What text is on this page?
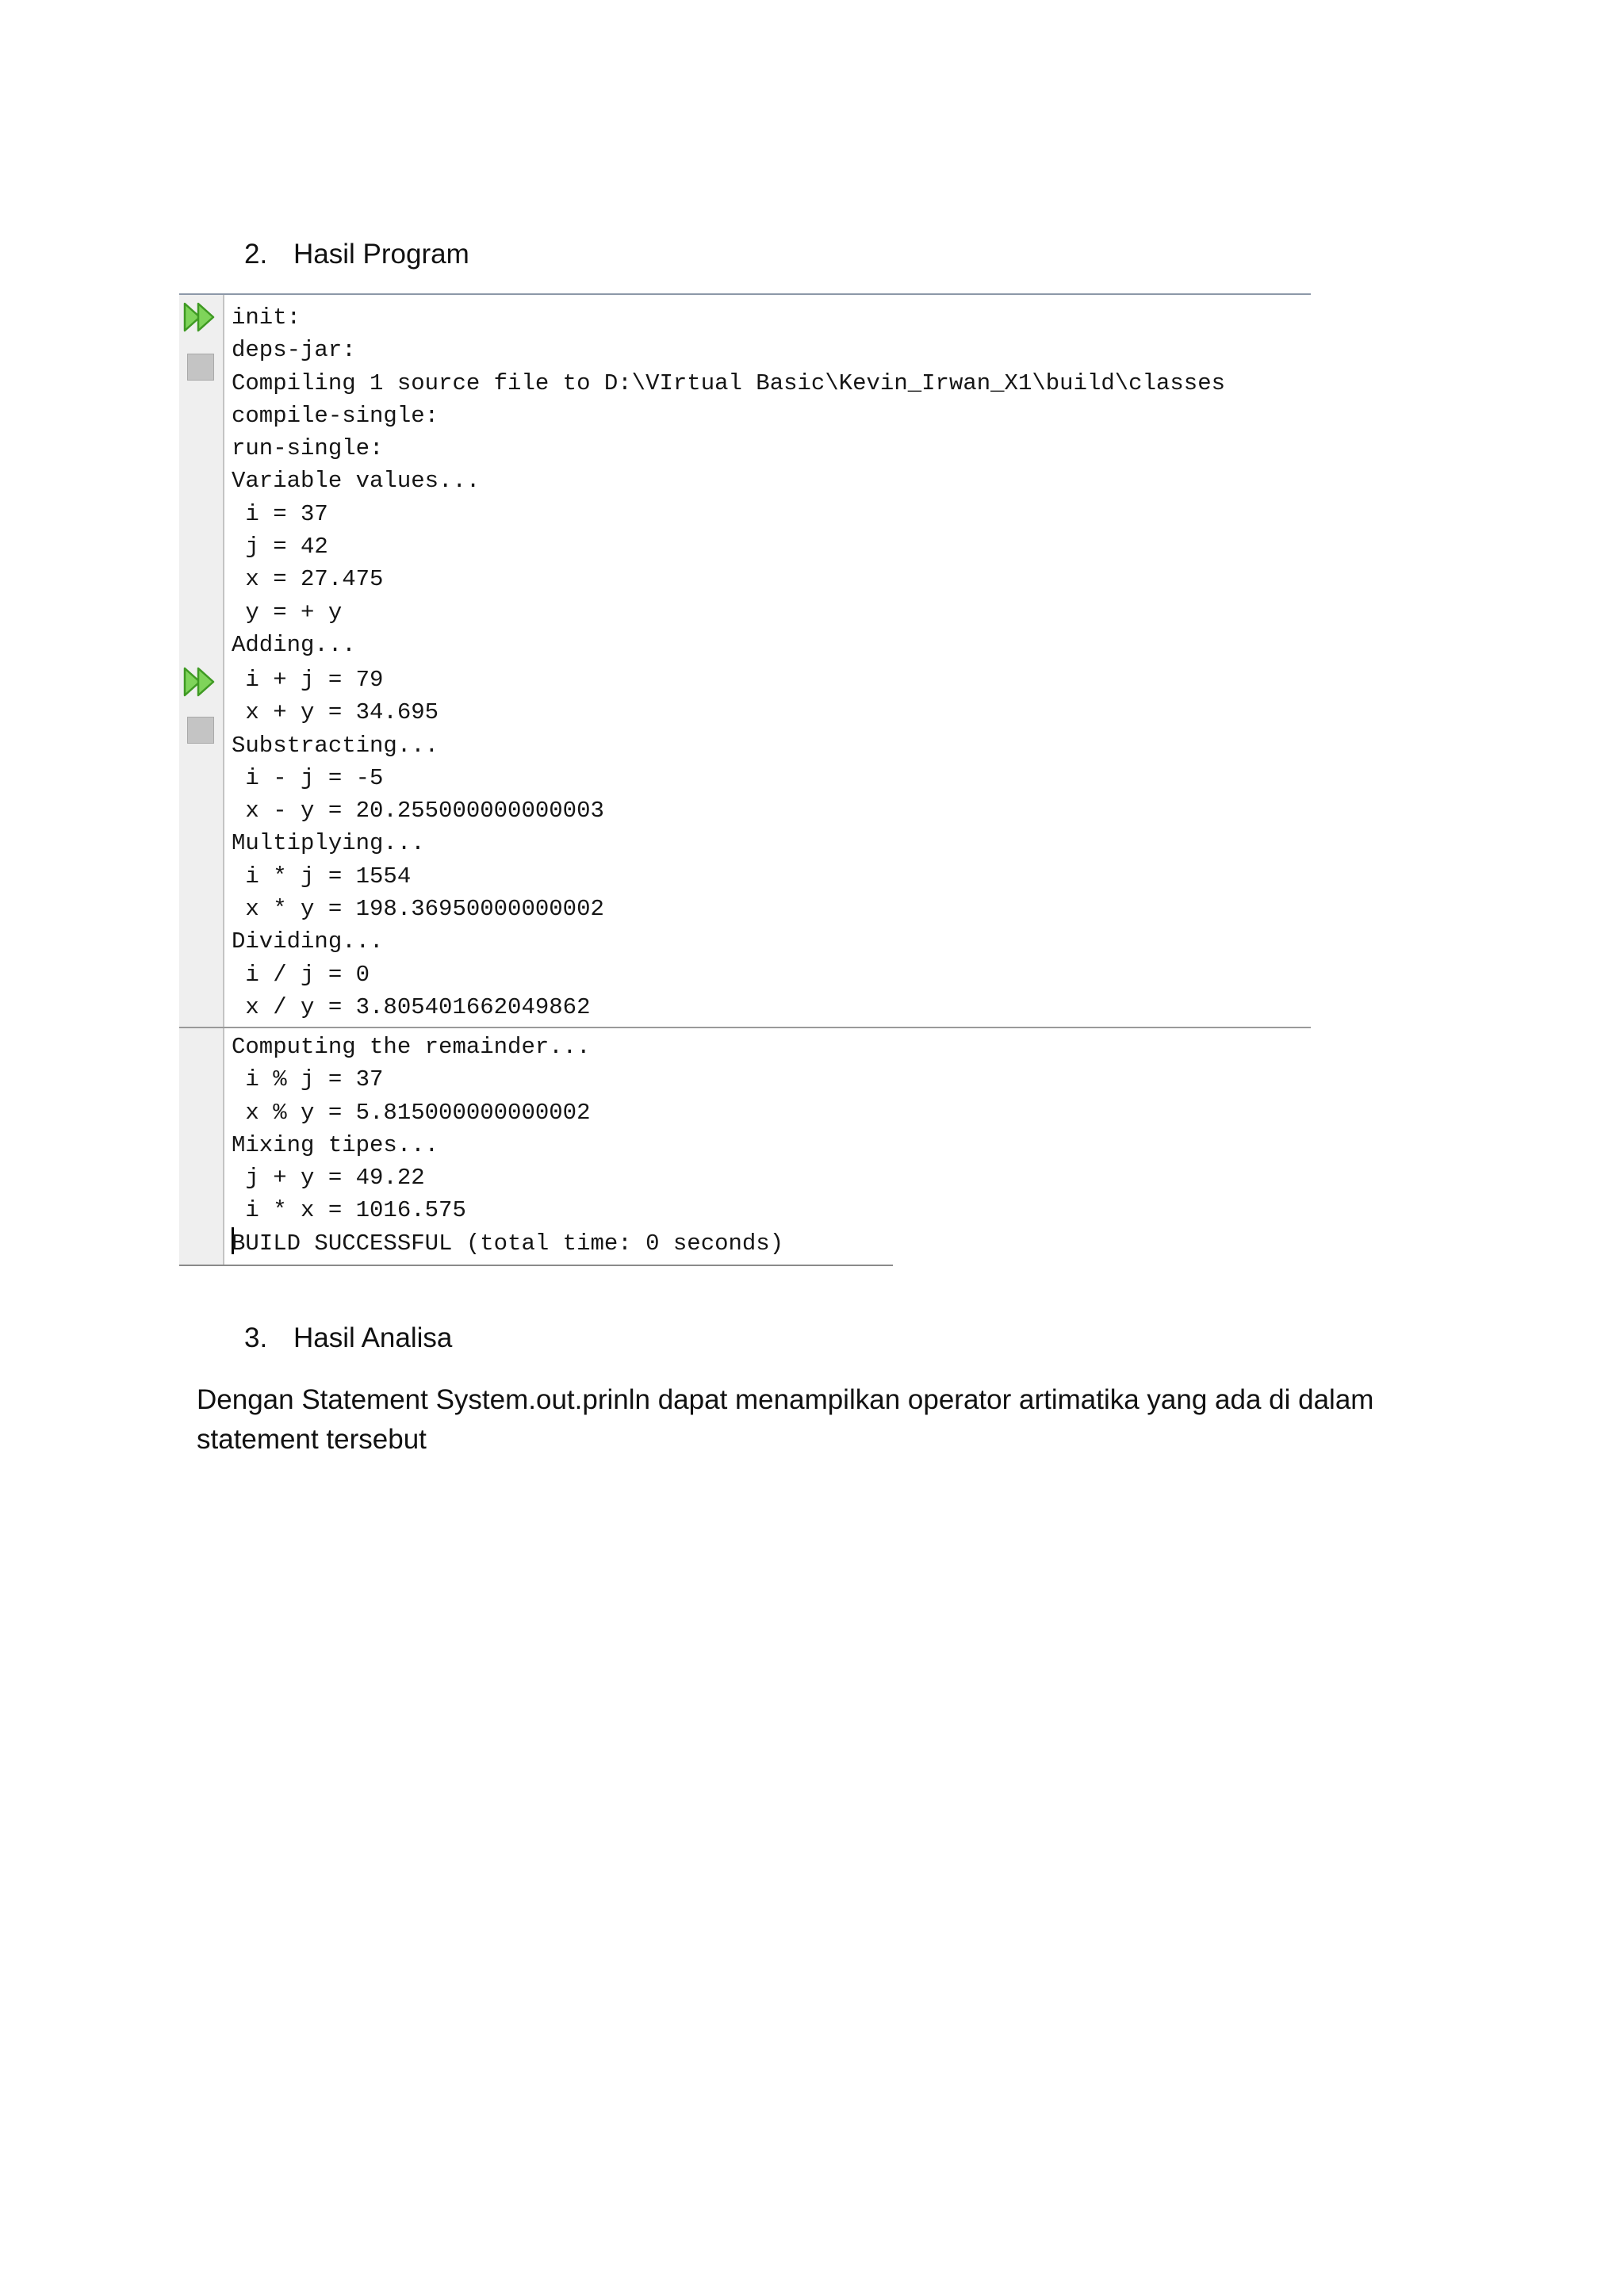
2. Hasil Program
init:
deps-jar:
Compiling 1 source file to D:\VIrtual Basic\Kevin_Irwan_X1\build\classes
compile-single:
run-single:
Variable values...
i = 37
j = 42
x = 27.475
y = + y
Adding...
i + j = 79
x + y = 34.695
Substracting...
i - j = -5
x - y = 20.255000000000003
Multiplying...
i * j = 1554
x * y = 198.36950000000002
Dividing...
i / j = 0
x / y = 3.805401662049862
Computing the remainder...
i % j = 37
x % y = 5.815000000000002
Mixing tipes...
j + y = 49.22
i * x = 1016.575
BUILD SUCCESSFUL (total time: 0 seconds)
3. Hasil Analisa

Dengan Statement System.out.prinln dapat menampilkan operator artimatika yang ada di dalam statement tersebut
